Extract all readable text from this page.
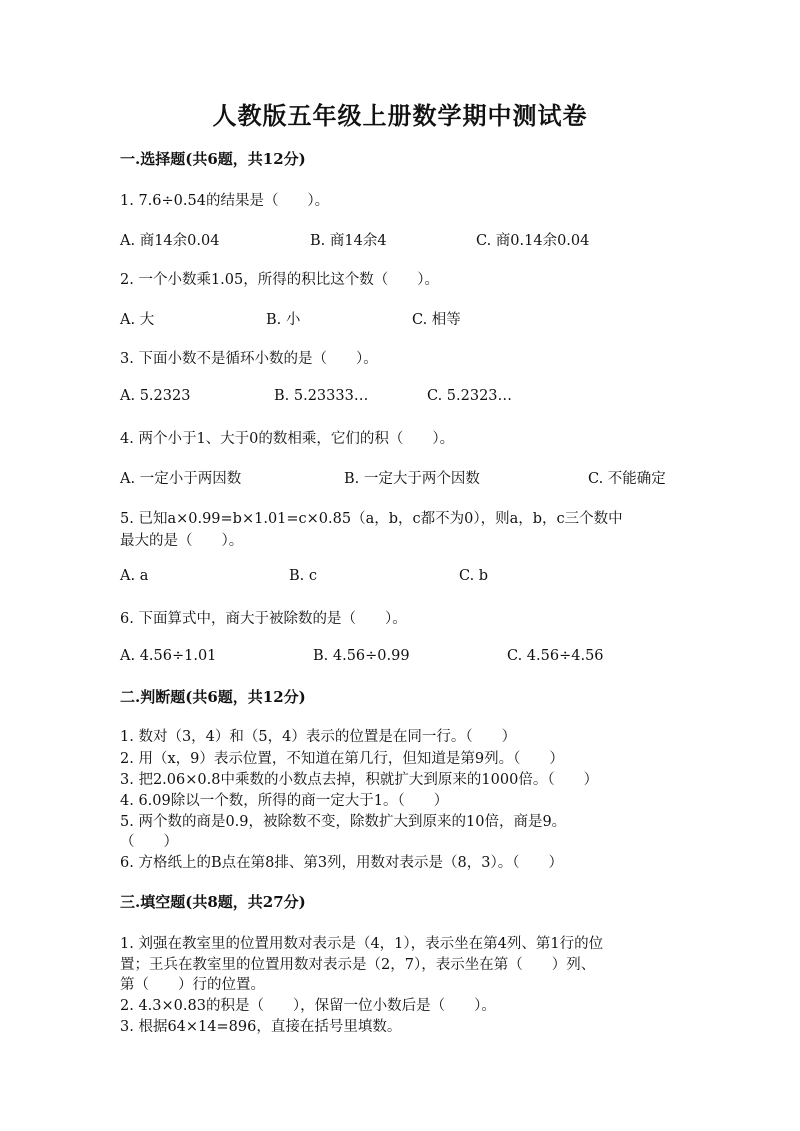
人教版五年级上册数学期中测试卷
一.选择题(共6题，共12分)
1. 7.6÷0.54的结果是（　　）。
A. 商14余0.04	B. 商14余4	C. 商0.14余0.04
2. 一个小数乘1.05，所得的积比这个数（　　）。
A. 大	B. 小	C. 相等
3. 下面小数不是循环小数的是（　　）。
A. 5.2323	B. 5.23333…	C. 5.2323…
4. 两个小于1、大于0的数相乘，它们的积（　　）。
A. 一定小于两因数	B. 一定大于两个因数	C. 不能确定
5. 已知a×0.99=b×1.01=c×0.85（a，b，c都不为0），则a，b，c三个数中
最大的是（　　）。
A. a	B. c	C. b
6. 下面算式中，商大于被除数的是（　　）。
A. 4.56÷1.01	B. 4.56÷0.99	C. 4.56÷4.56
二.判断题(共6题，共12分)
1. 数对（3，4）和（5，4）表示的位置是在同一行。（　　）
2. 用（x，9）表示位置，不知道在第几行，但知道是第9列。（　　）
3. 把2.06×0.8中乘数的小数点去掉，积就扩大到原来的1000倍。（　　）
4. 6.09除以一个数，所得的商一定大于1。（　　）
5. 两个数的商是0.9，被除数不变，除数扩大到原来的10倍，商是9。
（　　）
6. 方格纸上的B点在第8排、第3列，用数对表示是（8，3）。（　　）
三.填空题(共8题，共27分)
1. 刘强在教室里的位置用数对表示是（4，1），表示坐在第4列、第1行的位
置；王兵在教室里的位置用数对表示是（2，7），表示坐在第（　　）列、
第（　　）行的位置。
2. 4.3×0.83的积是（　　），保留一位小数后是（　　）。
3. 根据64×14=896，直接在括号里填数。
